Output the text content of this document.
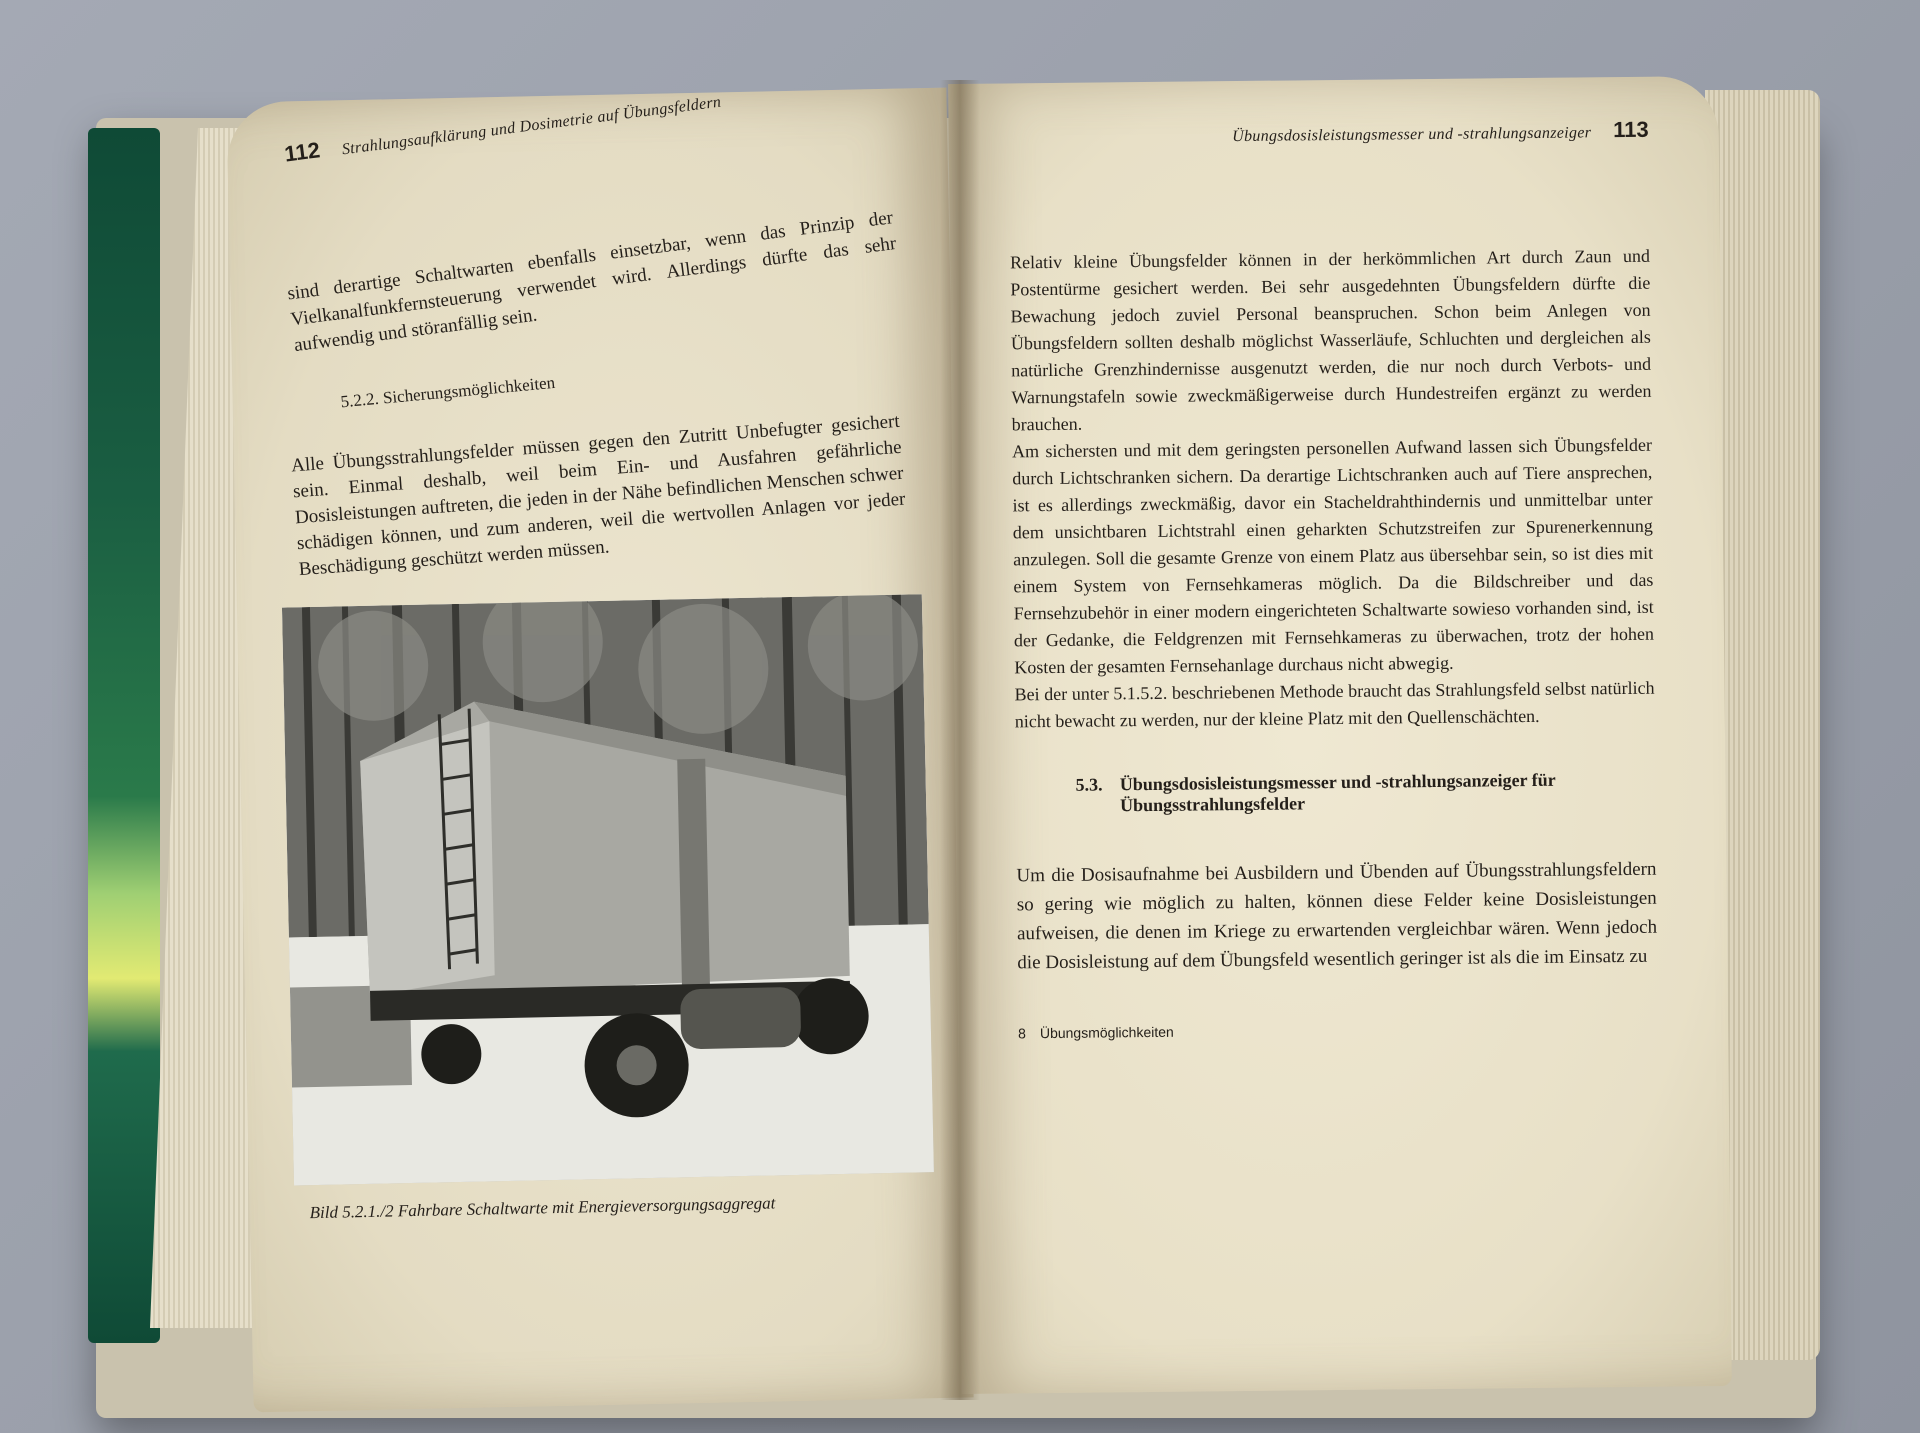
112 Strahlungsaufklärung und Dosimetrie auf Übungsfeldern

sind derartige Schaltwarten ebenfalls einsetzbar, wenn das Prinzip der Vielkanalfunkfernsteuerung verwendet wird. Allerdings dürfte das sehr aufwendig und störanfällig sein.

5.2.2. Sicherungsmöglichkeiten

Alle Übungsstrahlungsfelder müssen gegen den Zutritt Unbefugter gesichert sein. Einmal deshalb, weil beim Ein- und Ausfahren gefährliche Dosisleistungen auftreten, die jeden in der Nähe befindlichen Menschen schwer schädigen können, und zum anderen, weil die wertvollen Anlagen vor jeder Beschädigung geschützt werden müssen.

Bild 5.2.1./2 Fahrbare Schaltwarte mit Energieversorgungsaggregat
Übungsdosisleistungsmesser und -strahlungsanzeiger 113

Relativ kleine Übungsfelder können in der herkömmlichen Art durch Zaun und Postentürme gesichert werden. Bei sehr ausgedehnten Übungsfeldern dürfte die Bewachung jedoch zuviel Personal beanspruchen. Schon beim Anlegen von Übungsfeldern sollten deshalb möglichst Wasserläufe, Schluchten und dergleichen als natürliche Grenzhindernisse ausgenutzt werden, die nur noch durch Verbots- und Warnungstafeln sowie zweckmäßigerweise durch Hundestreifen ergänzt zu werden brauchen.

Am sichersten und mit dem geringsten personellen Aufwand lassen sich Übungsfelder durch Lichtschranken sichern. Da derartige Lichtschranken auch auf Tiere ansprechen, ist es allerdings zweckmäßig, davor ein Stacheldrahthindernis und unmittelbar unter dem unsichtbaren Lichtstrahl einen geharkten Schutzstreifen zur Spurenerkennung anzulegen. Soll die gesamte Grenze von einem Platz aus übersehbar sein, so ist dies mit einem System von Fernsehkameras möglich. Da die Bildschreiber und das Fernsehzubehör in einer modern eingerichteten Schaltwarte sowieso vorhanden sind, ist der Gedanke, die Feldgrenzen mit Fernsehkameras zu überwachen, trotz der hohen Kosten der gesamten Fernsehanlage durchaus nicht abwegig.

Bei der unter 5.1.5.2. beschriebenen Methode braucht das Strahlungsfeld selbst natürlich nicht bewacht zu werden, nur der kleine Platz mit den Quellenschächten.

5.3. Übungsdosisleistungsmesser und -strahlungsanzeiger für Übungsstrahlungsfelder

Um die Dosisaufnahme bei Ausbildern und Übenden auf Übungsstrahlungsfeldern so gering wie möglich zu halten, können diese Felder keine Dosisleistungen aufweisen, die denen im Kriege zu erwartenden vergleichbar wären. Wenn jedoch die Dosisleistung auf dem Übungsfeld wesentlich geringer ist als die im Einsatz zu

8 Übungsmöglichkeiten
